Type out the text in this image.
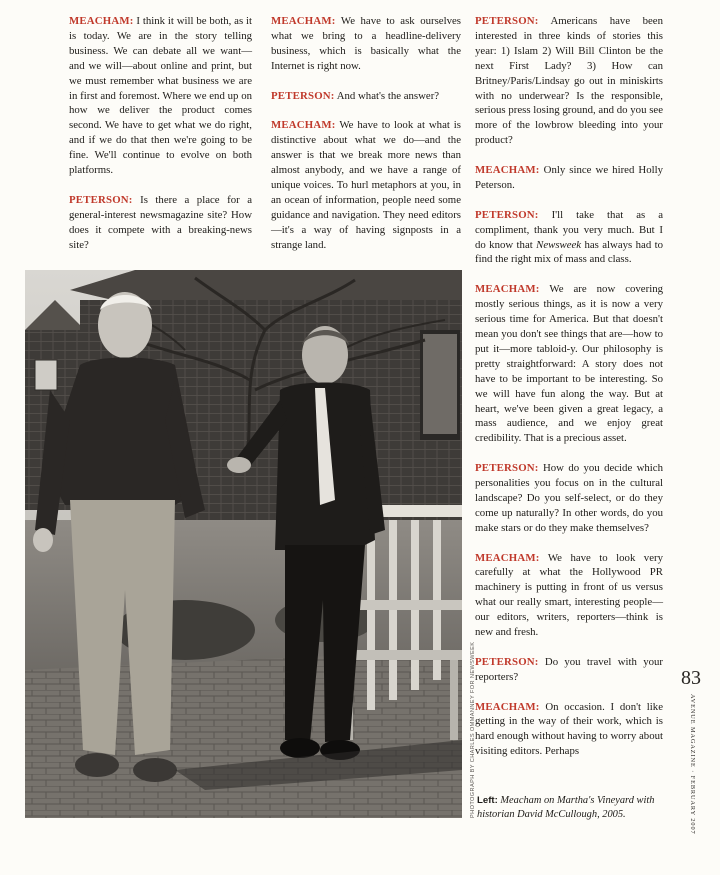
MEACHAM: I think it will be both, as it is today. We are in the story telling business. We can debate all we want—and we will—about online and print, but we must remember what business we are in first and foremost. Where we end up on how we deliver the product comes second. We have to get what we do right, and if we do that then we're going to be fine. We'll continue to evolve on both platforms.

PETERSON: Is there a place for a general-interest newsmagazine site? How does it compete with a breaking-news site?

MEACHAM: We have to ask ourselves what we bring to a headline-delivery business, which is basically what the Internet is right now.

PETERSON: And what's the answer?

MEACHAM: We have to look at what is distinctive about what we do—and the answer is that we break more news than almost anybody, and we have a range of unique voices. To hurl metaphors at you, in an ocean of information, people need some guidance and navigation. They need editors—it's a way of having signposts in a strange land.

PETERSON: Americans have been interested in three kinds of stories this year: 1) Islam 2) Will Bill Clinton be the next First Lady? 3) How can Britney/Paris/Lindsay go out in miniskirts with no underwear? Is the responsible, serious press losing ground, and do you see more of the lowbrow bleeding into your product?

MEACHAM: Only since we hired Holly Peterson.

PETERSON: I'll take that as a compliment, thank you very much. But I do know that Newsweek has always had to find the right mix of mass and class.

MEACHAM: We are now covering mostly serious things, as it is now a very serious time for America. But that doesn't mean you don't see things that are—how to put it—more tabloid-y. Our philosophy is pretty straightforward: A story does not have to be important to be interesting. So we will have fun along the way. But at heart, we've been given a great legacy, a mass audience, and we enjoy great credibility. That is a precious asset.

PETERSON: How do you decide which personalities you focus on in the cultural landscape? Do you self-select, or do they come up naturally? In other words, do you make stars or do they make themselves?

MEACHAM: We have to look very carefully at what the Hollywood PR machinery is putting in front of us versus what our really smart, interesting people—our editors, writers, reporters—think is new and fresh.

PETERSON: Do you travel with your reporters?

MEACHAM: On occasion. I don't like getting in the way of their work, which is hard enough without having to worry about visiting editors. Perhaps

PHOTOGRAPH BY CHARLES OMMANNEY FOR NEWSWEEK Left: Meacham on Martha's Vineyard with historian David McCullough, 2005.
83
AVENUE MAGAZINE · FEBRUARY 2007
